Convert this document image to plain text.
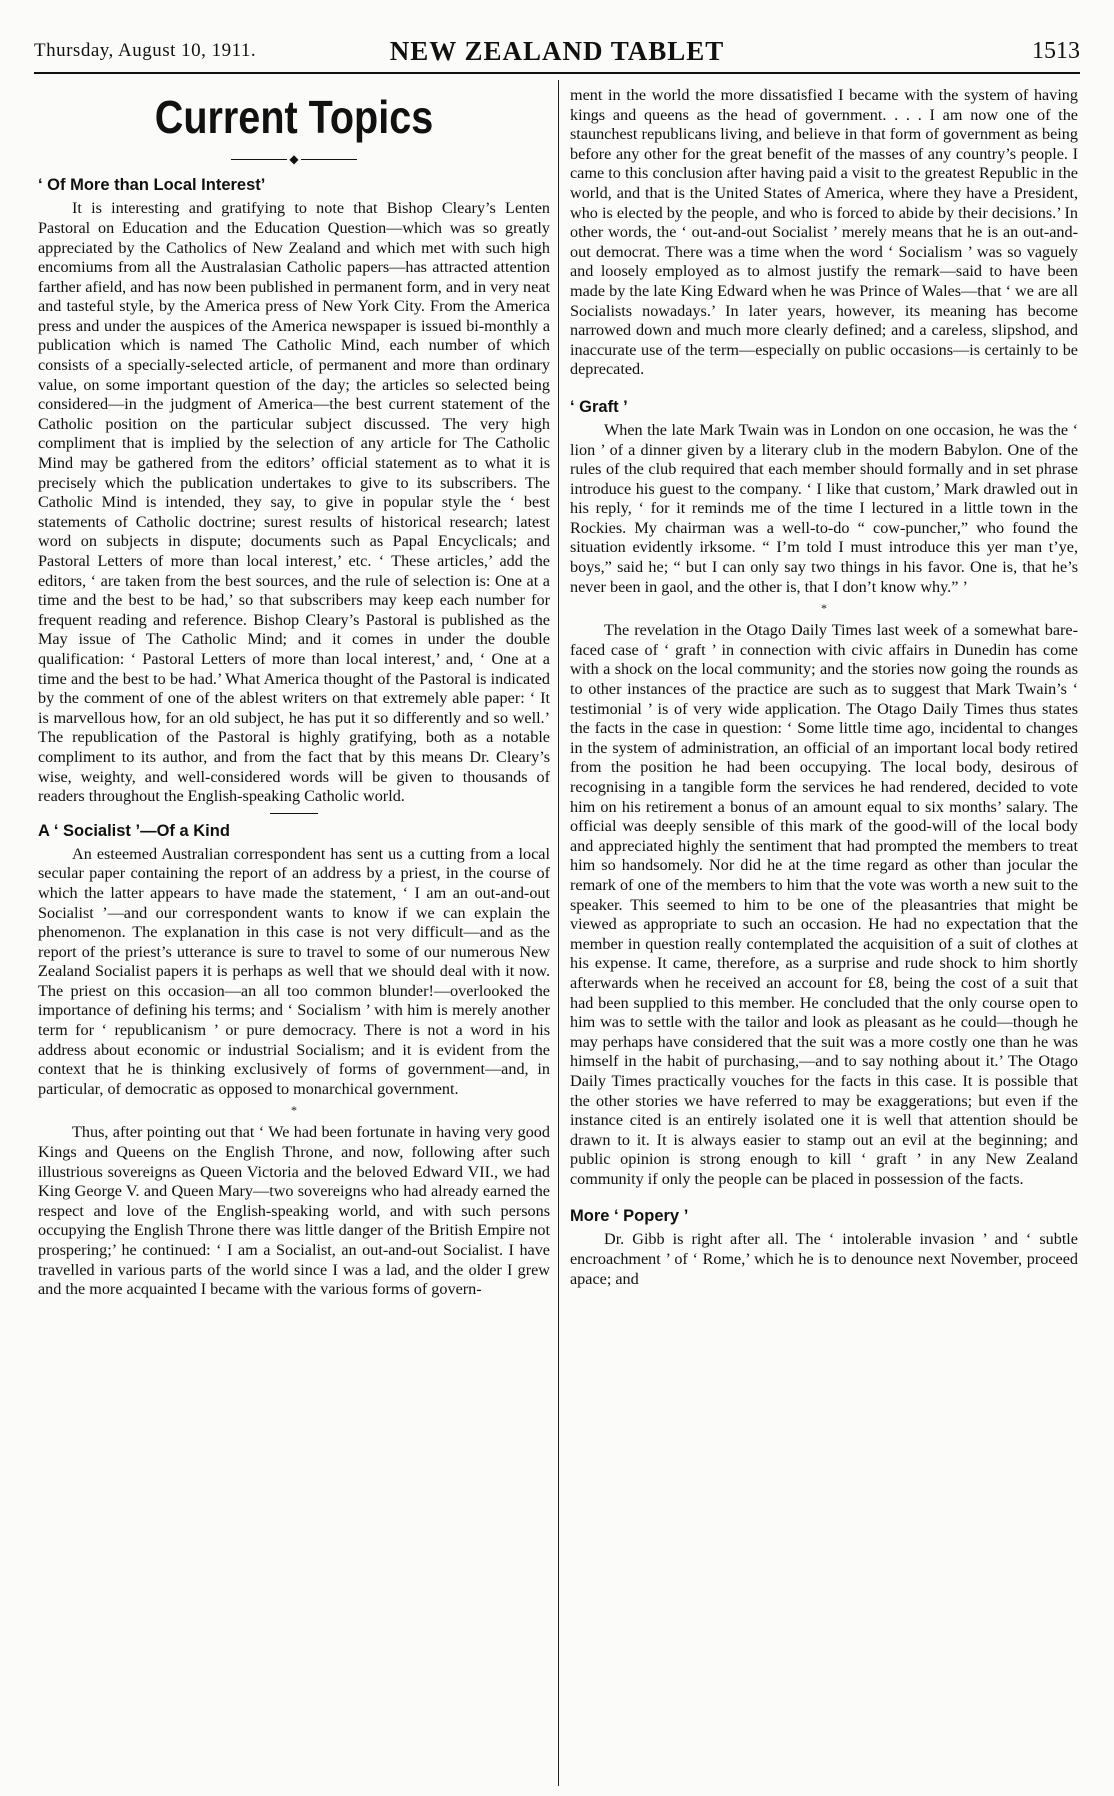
Thursday, August 10, 1911.	NEW ZEALAND TABLET	1513
Current Topics
◆
‘ Of More than Local Interest’

It is interesting and gratifying to note that Bishop Cleary’s Lenten Pastoral on Education and the Education Question—which was so greatly appreciated by the Catholics of New Zealand and which met with such high encomiums from all the Australasian Catholic papers—has attracted attention farther afield, and has now been published in permanent form, and in very neat and tasteful style, by the America press of New York City. From the America press and under the auspices of the America newspaper is issued bi-monthly a publication which is named The Catholic Mind, each number of which consists of a specially-selected article, of permanent and more than ordinary value, on some important question of the day; the articles so selected being considered—in the judgment of America—the best current statement of the Catholic position on the particular subject discussed. The very high compliment that is implied by the selection of any article for The Catholic Mind may be gathered from the editors’ official statement as to what it is precisely which the publication undertakes to give to its subscribers. The Catholic Mind is intended, they say, to give in popular style the ‘ best statements of Catholic doctrine; surest results of historical research; latest word on subjects in dispute; documents such as Papal Encyclicals; and Pastoral Letters of more than local interest,’ etc. ‘ These articles,’ add the editors, ‘ are taken from the best sources, and the rule of selection is: One at a time and the best to be had,’ so that subscribers may keep each number for frequent reading and reference. Bishop Cleary’s Pastoral is published as the May issue of The Catholic Mind; and it comes in under the double qualification: ‘ Pastoral Letters of more than local interest,’ and, ‘ One at a time and the best to be had.’ What America thought of the Pastoral is indicated by the comment of one of the ablest writers on that extremely able paper: ‘ It is marvellous how, for an old subject, he has put it so differently and so well.’ The republication of the Pastoral is highly gratifying, both as a notable compliment to its author, and from the fact that by this means Dr. Cleary’s wise, weighty, and well-considered words will be given to thousands of readers throughout the English-speaking Catholic world.

A ‘ Socialist ’—Of a Kind

An esteemed Australian correspondent has sent us a cutting from a local secular paper containing the report of an address by a priest, in the course of which the latter appears to have made the statement, ‘ I am an out-and-out Socialist ’—and our correspondent wants to know if we can explain the phenomenon. The explanation in this case is not very difficult—and as the report of the priest’s utterance is sure to travel to some of our numerous New Zealand Socialist papers it is perhaps as well that we should deal with it now. The priest on this occasion—an all too common blunder!—overlooked the importance of defining his terms; and ‘ Socialism ’ with him is merely another term for ‘ republicanism ’ or pure democracy. There is not a word in his address about economic or industrial Socialism; and it is evident from the context that he is thinking exclusively of forms of government—and, in particular, of democratic as opposed to monarchical government.

*

Thus, after pointing out that ‘ We had been fortunate in having very good Kings and Queens on the English Throne, and now, following after such illustrious sovereigns as Queen Victoria and the beloved Edward VII., we had King George V. and Queen Mary—two sovereigns who had already earned the respect and love of the English-speaking world, and with such persons occupying the English Throne there was little danger of the British Empire not prospering;’ he continued: ‘ I am a Socialist, an out-and-out Socialist. I have travelled in various parts of the world since I was a lad, and the older I grew and the more acquainted I became with the various forms of govern-

ment in the world the more dissatisfied I became with the system of having kings and queens as the head of government. . . . I am now one of the staunchest republicans living, and believe in that form of government as being before any other for the great benefit of the masses of any country’s people. I came to this conclusion after having paid a visit to the greatest Republic in the world, and that is the United States of America, where they have a President, who is elected by the people, and who is forced to abide by their decisions.’ In other words, the ‘ out-and-out Socialist ’ merely means that he is an out-and-out democrat. There was a time when the word ‘ Socialism ’ was so vaguely and loosely employed as to almost justify the remark—said to have been made by the late King Edward when he was Prince of Wales—that ‘ we are all Socialists nowadays.’ In later years, however, its meaning has become narrowed down and much more clearly defined; and a careless, slipshod, and inaccurate use of the term—especially on public occasions—is certainly to be deprecated.

‘ Graft ’

When the late Mark Twain was in London on one occasion, he was the ‘ lion ’ of a dinner given by a literary club in the modern Babylon. One of the rules of the club required that each member should formally and in set phrase introduce his guest to the company. ‘ I like that custom,’ Mark drawled out in his reply, ‘ for it reminds me of the time I lectured in a little town in the Rockies. My chairman was a well-to-do “ cow-puncher,” who found the situation evidently irksome. “ I’m told I must introduce this yer man t’ye, boys,” said he; “ but I can only say two things in his favor. One is, that he’s never been in gaol, and the other is, that I don’t know why.” ’

*

The revelation in the Otago Daily Times last week of a somewhat bare-faced case of ‘ graft ’ in connection with civic affairs in Dunedin has come with a shock on the local community; and the stories now going the rounds as to other instances of the practice are such as to suggest that Mark Twain’s ‘ testimonial ’ is of very wide application. The Otago Daily Times thus states the facts in the case in question: ‘ Some little time ago, incidental to changes in the system of administration, an official of an important local body retired from the position he had been occupying. The local body, desirous of recognising in a tangible form the services he had rendered, decided to vote him on his retirement a bonus of an amount equal to six months’ salary. The official was deeply sensible of this mark of the good-will of the local body and appreciated highly the sentiment that had prompted the members to treat him so handsomely. Nor did he at the time regard as other than jocular the remark of one of the members to him that the vote was worth a new suit to the speaker. This seemed to him to be one of the pleasantries that might be viewed as appropriate to such an occasion. He had no expectation that the member in question really contemplated the acquisition of a suit of clothes at his expense. It came, therefore, as a surprise and rude shock to him shortly afterwards when he received an account for £8, being the cost of a suit that had been supplied to this member. He concluded that the only course open to him was to settle with the tailor and look as pleasant as he could—though he may perhaps have considered that the suit was a more costly one than he was himself in the habit of purchasing,—and to say nothing about it.’ The Otago Daily Times practically vouches for the facts in this case. It is possible that the other stories we have referred to may be exaggerations; but even if the instance cited is an entirely isolated one it is well that attention should be drawn to it. It is always easier to stamp out an evil at the beginning; and public opinion is strong enough to kill ‘ graft ’ in any New Zealand community if only the people can be placed in possession of the facts.

More ‘ Popery ’

Dr. Gibb is right after all. The ‘ intolerable invasion ’ and ‘ subtle encroachment ’ of ‘ Rome,’ which he is to denounce next November, proceed apace; and
